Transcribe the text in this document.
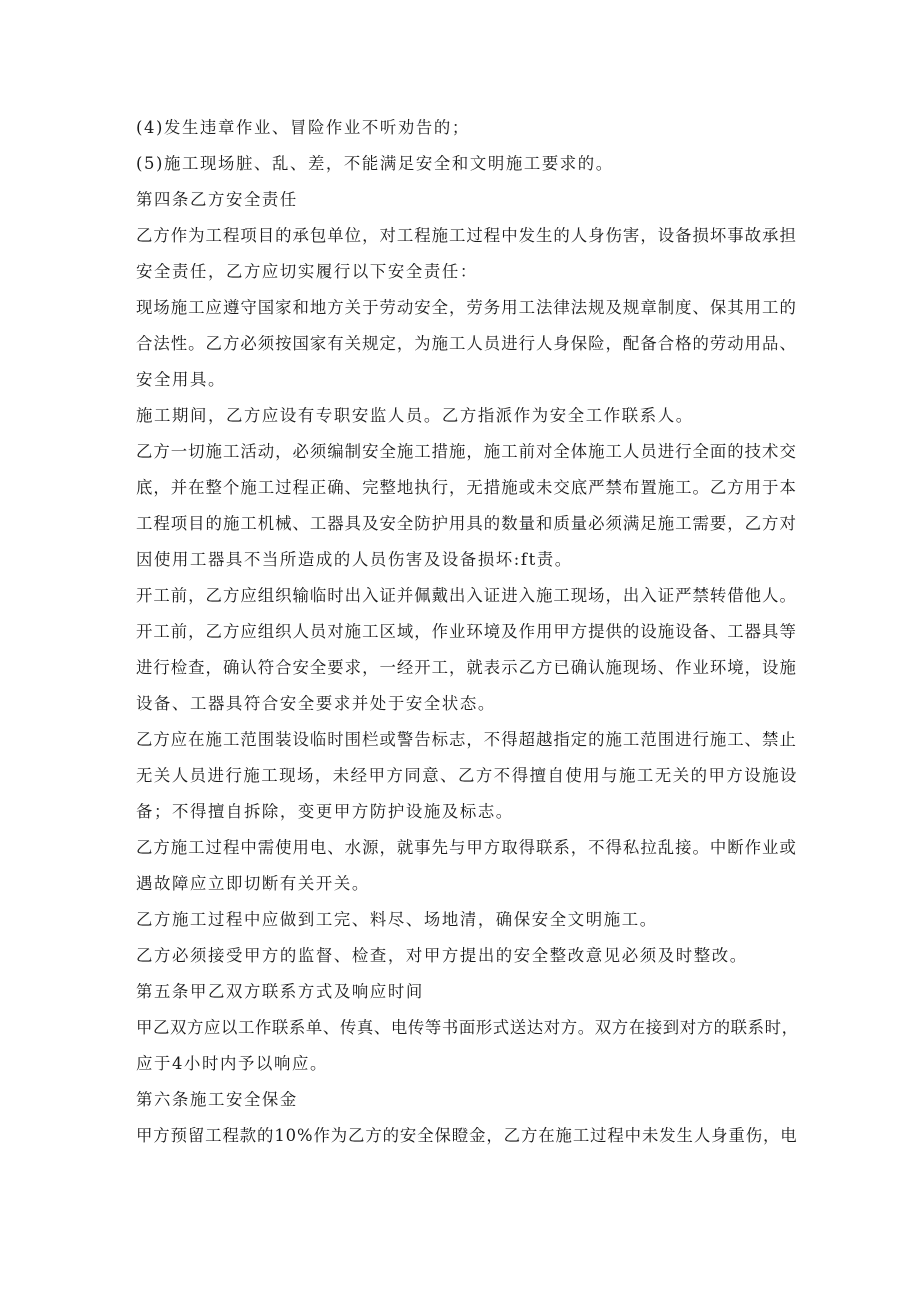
(4)发生违章作业、冒险作业不听劝告的；
(5)施工现场脏、乱、差，不能满足安全和文明施工要求的。
第四条乙方安全责任
乙方作为工程项目的承包单位，对工程施工过程中发生的人身伤害，设备损坏事故承担
安全责任，乙方应切实履行以下安全责任：
现场施工应遵守国家和地方关于劳动安全，劳务用工法律法规及规章制度、保其用工的
合法性。乙方必须按国家有关规定，为施工人员进行人身保险，配备合格的劳动用品、
安全用具。
施工期间，乙方应设有专职安监人员。乙方指派作为安全工作联系人。
乙方一切施工活动，必须编制安全施工措施，施工前对全体施工人员进行全面的技术交
底，并在整个施工过程正确、完整地执行，无措施或未交底严禁布置施工。乙方用于本
工程项目的施工机械、工器具及安全防护用具的数量和质量必须满足施工需要，乙方对
因使用工器具不当所造成的人员伤害及设备损坏:ft责。
开工前，乙方应组织输临时出入证并佩戴出入证进入施工现场，出入证严禁转借他人。
开工前，乙方应组织人员对施工区域，作业环境及作用甲方提供的设施设备、工器具等
进行检查，确认符合安全要求，一经开工，就表示乙方已确认施现场、作业环境，设施
设备、工器具符合安全要求并处于安全状态。
乙方应在施工范围装设临时围栏或警告标志，不得超越指定的施工范围进行施工、禁止
无关人员进行施工现场，未经甲方同意、乙方不得擅自使用与施工无关的甲方设施设
备；不得擅自拆除，变更甲方防护设施及标志。
乙方施工过程中需使用电、水源，就事先与甲方取得联系，不得私拉乱接。中断作业或
遇故障应立即切断有关开关。
乙方施工过程中应做到工完、料尽、场地清，确保安全文明施工。
乙方必须接受甲方的监督、检查，对甲方提出的安全整改意见必须及时整改。
第五条甲乙双方联系方式及响应时间
甲乙双方应以工作联系单、传真、电传等书面形式送达对方。双方在接到对方的联系时，
应于4小时内予以响应。
第六条施工安全保金
甲方预留工程款的10%作为乙方的安全保瞪金，乙方在施工过程中未发生人身重伤，电
